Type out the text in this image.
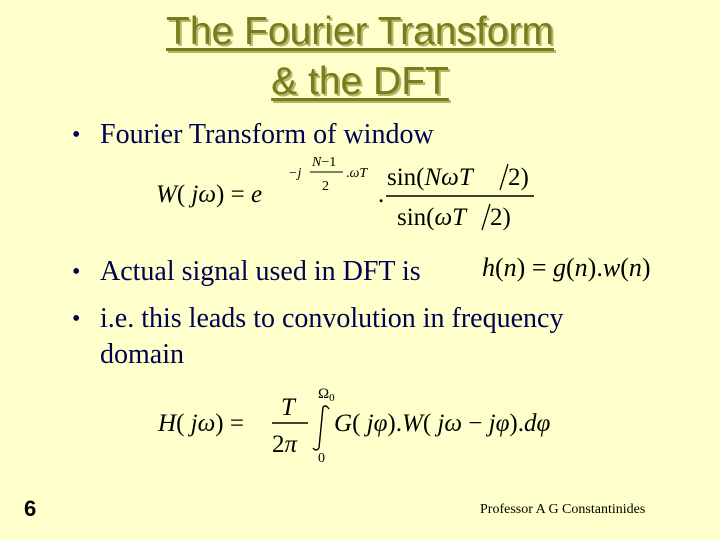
The Fourier Transform
& the DFT
• Fourier Transform of window
W( jω) = e
−j
N−1
2
.ωT
.
sin(NωT 2)
sin(ωT 2)
• Actual signal used in DFT is h(n) = g(n).w(n)
• i.e. this leads to convolution in frequency
domain
H( jω) =
T
2π
$\Omega_0$
0
G( jφ).W( jω − jφ).dφ
6	Professor A G Constantinides
